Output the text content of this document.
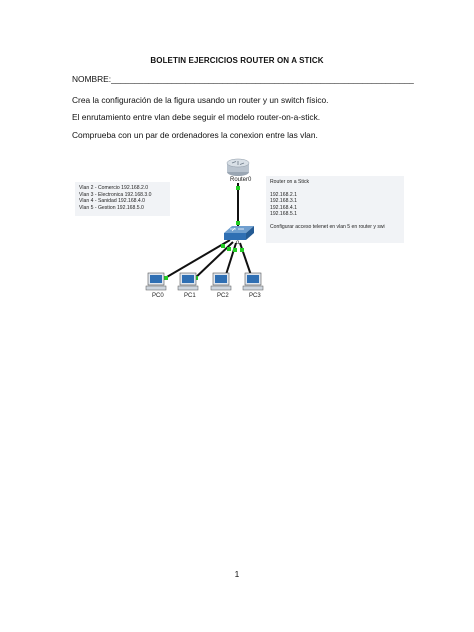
BOLETIN EJERCICIOS ROUTER ON A STICK
NOMBRE:_________________________________________________________________
Crea la configuración de la figura usando un router y un switch físico.
El enrutamiento entre vlan debe seguir el modelo router-on-a-stick.
Comprueba con un par de ordenadores la conexion entre las vlan.
Vlan 2 - Comercio 192.168.2.0
Vlan 3 - Electronica 192.168.3.0
Vlan 4 - Sanidad 192.168.4.0
Vlan 5 - Gestion 192.168.5.0
Router on a Stick
192.168.2.1
192.168.3.1
192.168.4.1
192.168.5.1
Configurar acceso telenet en vlan 5 en router y swi
Router0
o
PC0	PC1	PC2	PC3
1
